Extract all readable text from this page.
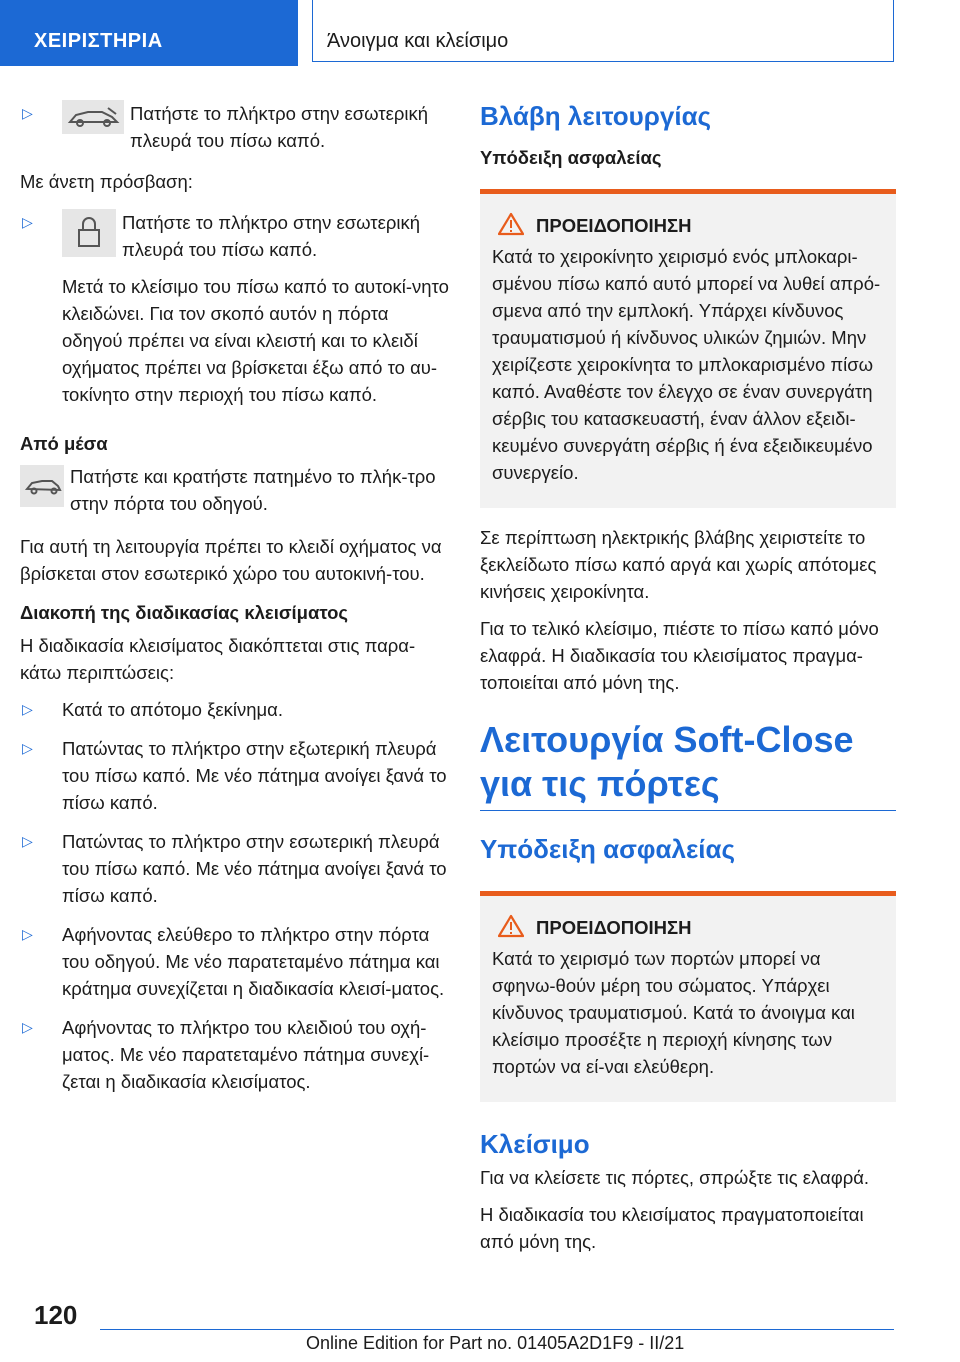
ΧΕΙΡΙΣΤΗΡΙΑ	Άνοιγμα και κλείσιμο

▷ Πατήστε το πλήκτρο στην εσωτερική πλευρά του πίσω καπό.

Με άνετη πρόσβαση:

▷ Πατήστε το πλήκτρο στην εσωτερική πλευρά του πίσω καπό.

Μετά το κλείσιμο του πίσω καπό το αυτοκί-νητο κλειδώνει. Για τον σκοπό αυτόν η πόρτα οδηγού πρέπει να είναι κλειστή και το κλειδί οχήματος πρέπει να βρίσκεται έξω από το αυ-τοκίνητο στην περιοχή του πίσω καπό.

Από μέσα

Πατήστε και κρατήστε πατημένο το πλήκ-τρο στην πόρτα του οδηγού.

Για αυτή τη λειτουργία πρέπει το κλειδί οχήματος να βρίσκεται στον εσωτερικό χώρο του αυτοκινή-του.

Διακοπή της διαδικασίας κλεισίματος

Η διαδικασία κλεισίματος διακόπτεται στις παρα-κάτω περιπτώσεις:

▷ Κατά το απότομο ξεκίνημα.

▷ Πατώντας το πλήκτρο στην εξωτερική πλευρά του πίσω καπό. Με νέο πάτημα ανοίγει ξανά το πίσω καπό.

▷ Πατώντας το πλήκτρο στην εσωτερική πλευρά του πίσω καπό. Με νέο πάτημα ανοίγει ξανά το πίσω καπό.

▷ Αφήνοντας ελεύθερο το πλήκτρο στην πόρτα του οδηγού. Με νέο παρατεταμένο πάτημα και κράτημα συνεχίζεται η διαδικασία κλεισί-ματος.

▷ Αφήνοντας το πλήκτρο του κλειδιού του οχή-ματος. Με νέο παρατεταμένο πάτημα συνεχί-ζεται η διαδικασία κλεισίματος.

Βλάβη λειτουργίας

Υπόδειξη ασφαλείας

ΠΡΟΕΙΔΟΠΟΙΗΣΗ

Κατά το χειροκίνητο χειρισμό ενός μπλοκαρι-σμένου πίσω καπό αυτό μπορεί να λυθεί απρό-σμενα από την εμπλοκή. Υπάρχει κίνδυνος τραυματισμού ή κίνδυνος υλικών ζημιών. Μην χειρίζεστε χειροκίνητα το μπλοκαρισμένο πίσω καπό. Αναθέστε τον έλεγχο σε έναν συνεργάτη σέρβις του κατασκευαστή, έναν άλλον εξειδι-κευμένο συνεργάτη σέρβις ή ένα εξειδικευμένο συνεργείο.

Σε περίπτωση ηλεκτρικής βλάβης χειριστείτε το ξεκλείδωτο πίσω καπό αργά και χωρίς απότομες κινήσεις χειροκίνητα.

Για το τελικό κλείσιμο, πιέστε το πίσω καπό μόνο ελαφρά. Η διαδικασία του κλεισίματος πραγμα-τοποιείται από μόνη της.

Λειτουργία Soft-Close για τις πόρτες

Υπόδειξη ασφαλείας

ΠΡΟΕΙΔΟΠΟΙΗΣΗ

Κατά το χειρισμό των πορτών μπορεί να σφηνω-θούν μέρη του σώματος. Υπάρχει κίνδυνος τραυματισμού. Κατά το άνοιγμα και κλείσιμο προσέξτε η περιοχή κίνησης των πορτών να εί-ναι ελεύθερη.

Κλείσιμο

Για να κλείσετε τις πόρτες, σπρώξτε τις ελαφρά.

Η διαδικασία του κλεισίματος πραγματοποιείται από μόνη της.

120
Online Edition for Part no. 01405A2D1F9 - II/21
